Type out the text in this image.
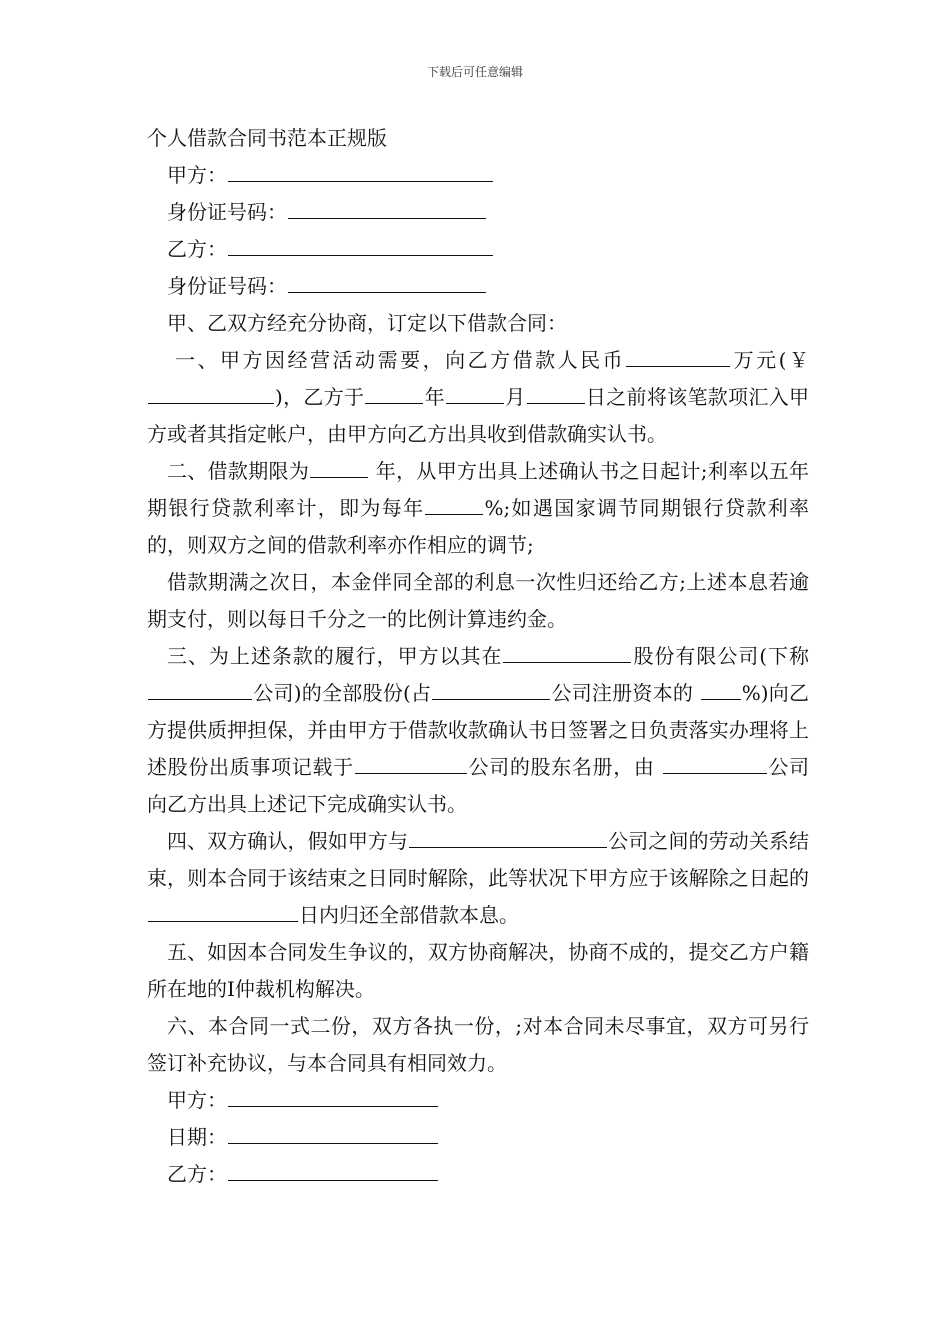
下载后可任意编辑
个人借款合同书范本正规版
甲方：
身份证号码：
乙方：
身份证号码：

甲、乙双方经充分协商，订定以下借款合同：

一、甲方因经营活动需要，向乙方借款人民币	万元(￥)，乙方于	年	月	日之前将该笔款项汇入甲方或者其指定帐户，由甲方向乙方出具收到借款确实认书。

二、借款期限为	年，从甲方出具上述确认书之日起计;利率以五年期银行贷款利率计，即为每年	%;如遇国家调节同期银行贷款利率的，则双方之间的借款利率亦作相应的调节;

借款期满之次日，本金伴同全部的利息一次性归还给乙方;上述本息若逾期支付，则以每日千分之一的比例计算违约金。

三、为上述条款的履行，甲方以其在	股份有限公司(下称公司)的全部股份(占	公司注册资本的 %)向乙方提供质押担保，并由甲方于借款收款确认书日签署之日负责落实办理将上述股份出质事项记载于	公司的股东名册，由	公司向乙方出具上述记下完成确实认书。

四、双方确认，假如甲方与	公司之间的劳动关系结束，则本合同于该结束之日同时解除，此等状况下甲方应于该解除之日起的日内归还全部借款本息。

五、如因本合同发生争议的，双方协商解决，协商不成的，提交乙方户籍所在地的Ⅰ仲裁机构解决。

六、本合同一式二份，双方各执一份，;对本合同未尽事宜，双方可另行签订补充协议，与本合同具有相同效力。

甲方：
日期：
乙方：
